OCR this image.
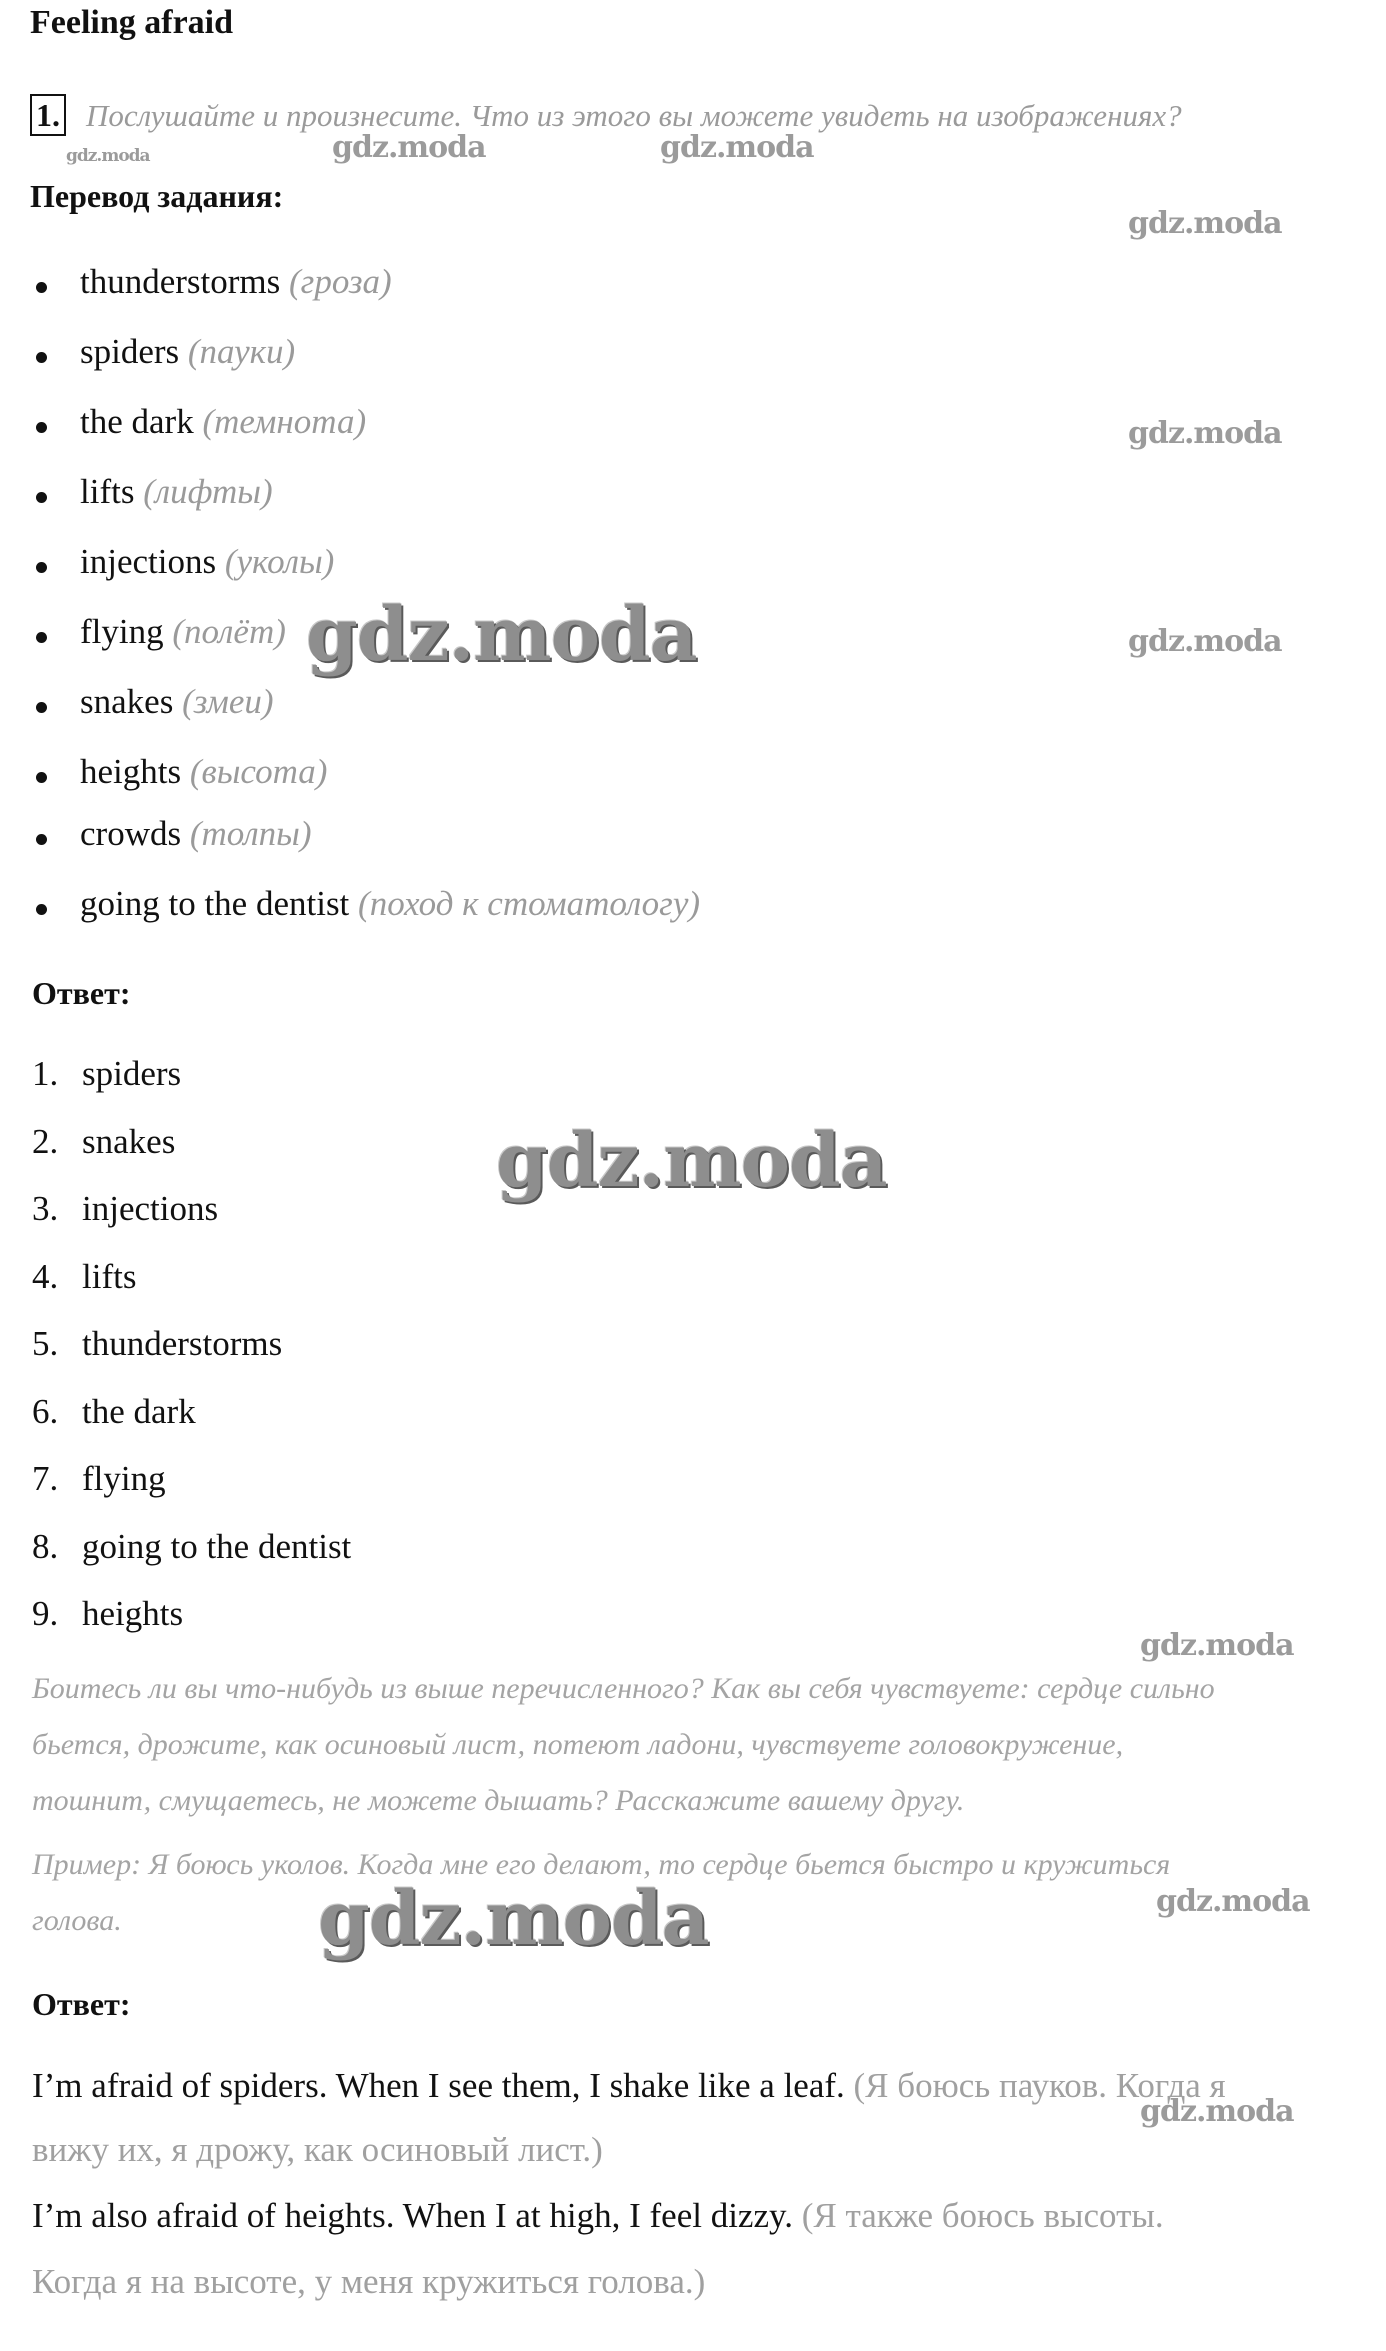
Feeling afraid
1. Послушайте и произнесите. Что из этого вы можете увидеть на изображениях?
Перевод задания:
thunderstorms (гроза)
spiders (пауки)
the dark (темнота)
lifts (лифты)
injections (уколы)
flying (полёт)
snakes (змеи)
heights (высота)
crowds (толпы)
going to the dentist (поход к стоматологу)
Ответ:
1. spiders
2. snakes
3. injections
4. lifts
5. thunderstorms
6. the dark
7. flying
8. going to the dentist
9. heights
Боитесь ли вы что-нибудь из выше перечисленного? Как вы себя чувствуете: сердце сильно
бьется, дрожите, как осиновый лист, потеют ладони, чувствуете головокружение,
тошнит, смущаетесь, не можете дышать? Расскажите вашему другу.
Пример: Я боюсь уколов. Когда мне его делают, то сердце бьется быстро и кружиться
голова.
Ответ:
I’m afraid of spiders. When I see them, I shake like a leaf. (Я боюсь пауков. Когда я
вижу их, я дрожу, как осиновый лист.)
I’m also afraid of heights. When I at high, I feel dizzy. (Я также боюсь высоты.
Когда я на высоте, у меня кружиться голова.)
gdz.moda	gdz.moda	gdz.moda
gdz.moda
gdz.moda
gdz.moda
gdz.moda
gdz.moda
gdz.moda
gdz.moda	gdz.moda
gdz.moda
